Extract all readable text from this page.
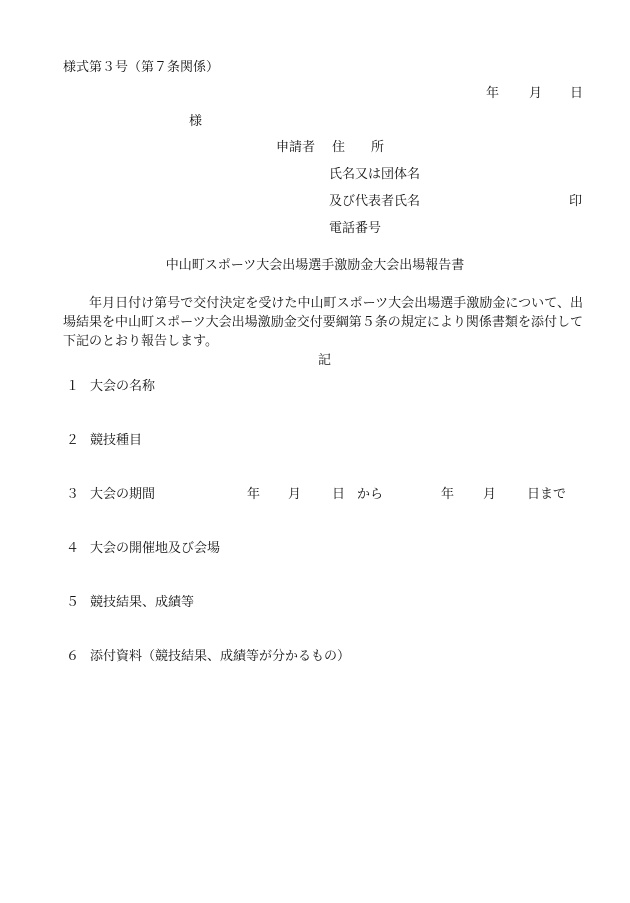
様式第３号（第７条関係）
年 月 日
様
申請者 住　　所
氏名又は団体名
及び代表者氏名	印
電話番号
中山町スポーツ大会出場選手激励金大会出場報告書
　　年月日付け第号で交付決定を受けた中山町スポーツ大会出場選手激励金について、出場結果を中山町スポーツ大会出場激励金交付要綱第５条の規定により関係書類を添付して下記のとおり報告します。
記
１ 大会の名称
２ 競技種目
３ 大会の期間	年 月 日 から	年 月 日まで
４ 大会の開催地及び会場
５ 競技結果、成績等
６ 添付資料（競技結果、成績等が分かるもの）
